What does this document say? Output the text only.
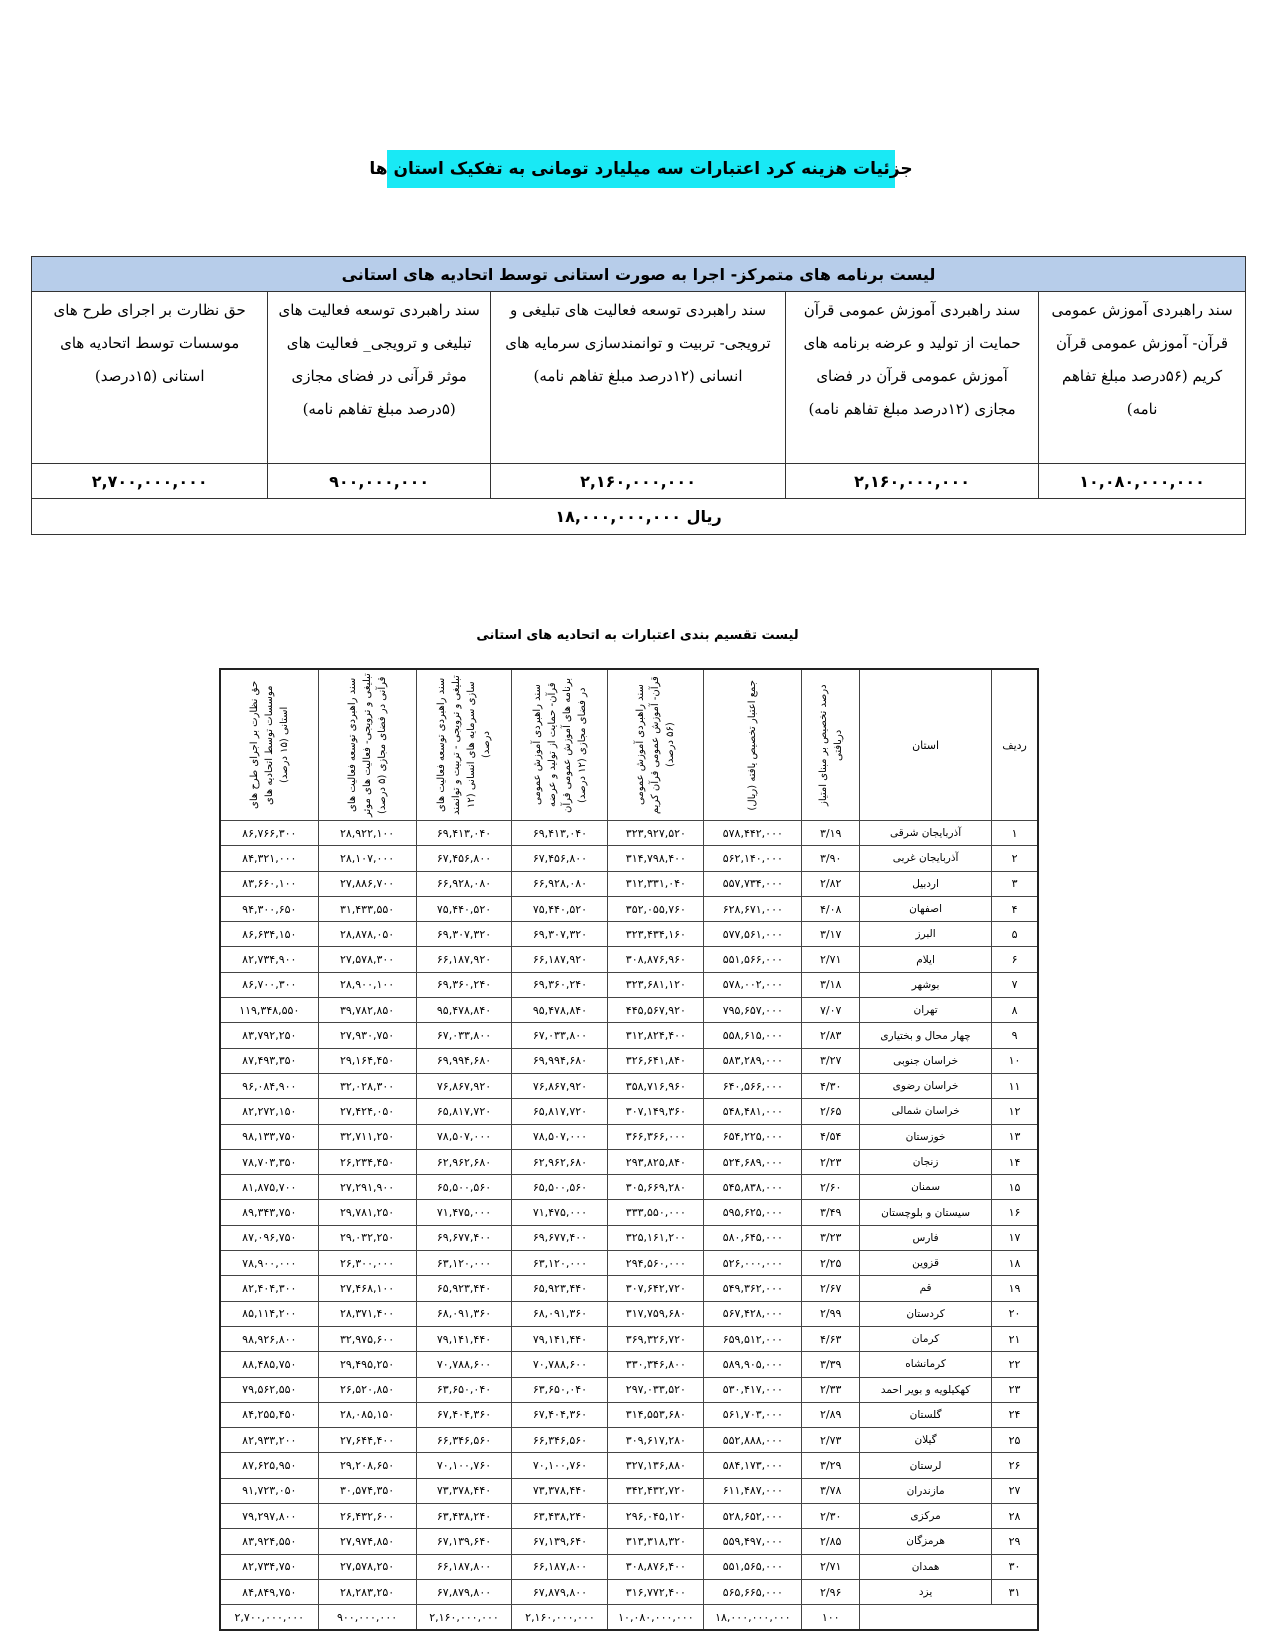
جزئیات هزینه کرد اعتبارات سه میلیارد تومانی به تفکیک استان ها
لیست برنامه های متمرکز- اجرا به صورت استانی توسط اتحادیه های استانی				
سند راهبردی آموزش عمومی قرآن- آموزش عمومی قرآن کریم (۵۶درصد مبلغ تفاهم نامه)	سند راهبردی آموزش عمومی قرآن حمایت از تولید و عرضه برنامه های آموزش عمومی قرآن در فضای مجازی (۱۲درصد مبلغ تفاهم نامه)	سند راهبردی توسعه فعالیت های تبلیغی و ترویجی- تربیت و توانمندسازی سرمایه های انسانی (۱۲درصد مبلغ تفاهم نامه)	سند راهبردی توسعه فعالیت های تبلیغی و ترویجی_ فعالیت های موثر قرآنی در فضای مجازی (۵درصد مبلغ تفاهم نامه)	حق نظارت بر اجرای طرح های موسسات توسط اتحادیه های استانی (۱۵درصد)
۱۰,۰۸۰,۰۰۰,۰۰۰	۲,۱۶۰,۰۰۰,۰۰۰	۲,۱۶۰,۰۰۰,۰۰۰	۹۰۰,۰۰۰,۰۰۰	۲,۷۰۰,۰۰۰,۰۰۰
ریال ۱۸,۰۰۰,۰۰۰,۰۰۰				
لیست تقسیم بندی اعتبارات به اتحادیه های استانی
ردیف	استان	درصد تخصیص بر مبنای امتیاز دریافتی	جمع اعتبار تخصیص یافته (ریال)	سند راهبردی آموزش عمومی قرآن- آموزش عمومی قرآن کریم (۵۶ درصد)	سند راهبردی آموزش عمومی قرآن- حمایت از تولید و عرضه برنامه های آموزش عمومی قرآن در فضای مجازی (۱۲ درصد)	سند راهبردی توسعه فعالیت های تبلیغی و ترویجی - تربیت و توانمند سازی سرمایه های انسانی (۱۲ درصد)	سند راهبردی توسعه فعالیت های تبلیغی و ترویجی- فعالیت های موثر قرآنی در فضای مجازی (۵ درصد)	حق نظارت بر اجرای طرح های موسسات توسط اتحادیه های استانی (۱۵ درصد)

۱	آذربایجان شرقی	۳/۱۹	۵۷۸,۴۴۲,۰۰۰	۳۲۳,۹۲۷,۵۲۰	۶۹,۴۱۳,۰۴۰	۶۹,۴۱۳,۰۴۰	۲۸,۹۲۲,۱۰۰	۸۶,۷۶۶,۳۰۰
۲	آذربایجان غربی	۳/۹۰	۵۶۲,۱۴۰,۰۰۰	۳۱۴,۷۹۸,۴۰۰	۶۷,۴۵۶,۸۰۰	۶۷,۴۵۶,۸۰۰	۲۸,۱۰۷,۰۰۰	۸۴,۳۲۱,۰۰۰
۳	اردبیل	۲/۸۲	۵۵۷,۷۳۴,۰۰۰	۳۱۲,۳۳۱,۰۴۰	۶۶,۹۲۸,۰۸۰	۶۶,۹۲۸,۰۸۰	۲۷,۸۸۶,۷۰۰	۸۳,۶۶۰,۱۰۰
۴	اصفهان	۴/۰۸	۶۲۸,۶۷۱,۰۰۰	۳۵۲,۰۵۵,۷۶۰	۷۵,۴۴۰,۵۲۰	۷۵,۴۴۰,۵۲۰	۳۱,۴۳۳,۵۵۰	۹۴,۳۰۰,۶۵۰
۵	البرز	۳/۱۷	۵۷۷,۵۶۱,۰۰۰	۳۲۳,۴۳۴,۱۶۰	۶۹,۳۰۷,۳۲۰	۶۹,۳۰۷,۳۲۰	۲۸,۸۷۸,۰۵۰	۸۶,۶۳۴,۱۵۰
۶	ایلام	۲/۷۱	۵۵۱,۵۶۶,۰۰۰	۳۰۸,۸۷۶,۹۶۰	۶۶,۱۸۷,۹۲۰	۶۶,۱۸۷,۹۲۰	۲۷,۵۷۸,۳۰۰	۸۲,۷۳۴,۹۰۰
۷	بوشهر	۳/۱۸	۵۷۸,۰۰۲,۰۰۰	۳۲۳,۶۸۱,۱۲۰	۶۹,۳۶۰,۲۴۰	۶۹,۳۶۰,۲۴۰	۲۸,۹۰۰,۱۰۰	۸۶,۷۰۰,۳۰۰
۸	تهران	۷/۰۷	۷۹۵,۶۵۷,۰۰۰	۴۴۵,۵۶۷,۹۲۰	۹۵,۴۷۸,۸۴۰	۹۵,۴۷۸,۸۴۰	۳۹,۷۸۲,۸۵۰	۱۱۹,۳۴۸,۵۵۰
۹	چهار محال و بختیاری	۲/۸۳	۵۵۸,۶۱۵,۰۰۰	۳۱۲,۸۲۴,۴۰۰	۶۷,۰۳۳,۸۰۰	۶۷,۰۳۳,۸۰۰	۲۷,۹۳۰,۷۵۰	۸۳,۷۹۲,۲۵۰
۱۰	خراسان جنوبی	۳/۲۷	۵۸۳,۲۸۹,۰۰۰	۳۲۶,۶۴۱,۸۴۰	۶۹,۹۹۴,۶۸۰	۶۹,۹۹۴,۶۸۰	۲۹,۱۶۴,۴۵۰	۸۷,۴۹۳,۳۵۰
۱۱	خراسان رضوی	۴/۳۰	۶۴۰,۵۶۶,۰۰۰	۳۵۸,۷۱۶,۹۶۰	۷۶,۸۶۷,۹۲۰	۷۶,۸۶۷,۹۲۰	۳۲,۰۲۸,۳۰۰	۹۶,۰۸۴,۹۰۰
۱۲	خراسان شمالی	۲/۶۵	۵۴۸,۴۸۱,۰۰۰	۳۰۷,۱۴۹,۳۶۰	۶۵,۸۱۷,۷۲۰	۶۵,۸۱۷,۷۲۰	۲۷,۴۲۴,۰۵۰	۸۲,۲۷۲,۱۵۰
۱۳	خوزستان	۴/۵۴	۶۵۴,۲۲۵,۰۰۰	۳۶۶,۳۶۶,۰۰۰	۷۸,۵۰۷,۰۰۰	۷۸,۵۰۷,۰۰۰	۳۲,۷۱۱,۲۵۰	۹۸,۱۳۳,۷۵۰
۱۴	زنجان	۲/۲۳	۵۲۴,۶۸۹,۰۰۰	۲۹۳,۸۲۵,۸۴۰	۶۲,۹۶۲,۶۸۰	۶۲,۹۶۲,۶۸۰	۲۶,۲۳۴,۴۵۰	۷۸,۷۰۳,۳۵۰
۱۵	سمنان	۲/۶۰	۵۴۵,۸۳۸,۰۰۰	۳۰۵,۶۶۹,۲۸۰	۶۵,۵۰۰,۵۶۰	۶۵,۵۰۰,۵۶۰	۲۷,۲۹۱,۹۰۰	۸۱,۸۷۵,۷۰۰
۱۶	سیستان و بلوچستان	۳/۴۹	۵۹۵,۶۲۵,۰۰۰	۳۳۳,۵۵۰,۰۰۰	۷۱,۴۷۵,۰۰۰	۷۱,۴۷۵,۰۰۰	۲۹,۷۸۱,۲۵۰	۸۹,۳۴۳,۷۵۰
۱۷	فارس	۳/۲۳	۵۸۰,۶۴۵,۰۰۰	۳۲۵,۱۶۱,۲۰۰	۶۹,۶۷۷,۴۰۰	۶۹,۶۷۷,۴۰۰	۲۹,۰۳۲,۲۵۰	۸۷,۰۹۶,۷۵۰
۱۸	قزوین	۲/۲۵	۵۲۶,۰۰۰,۰۰۰	۲۹۴,۵۶۰,۰۰۰	۶۳,۱۲۰,۰۰۰	۶۳,۱۲۰,۰۰۰	۲۶,۳۰۰,۰۰۰	۷۸,۹۰۰,۰۰۰
۱۹	قم	۲/۶۷	۵۴۹,۳۶۲,۰۰۰	۳۰۷,۶۴۲,۷۲۰	۶۵,۹۲۳,۴۴۰	۶۵,۹۲۳,۴۴۰	۲۷,۴۶۸,۱۰۰	۸۲,۴۰۴,۳۰۰
۲۰	کردستان	۲/۹۹	۵۶۷,۴۲۸,۰۰۰	۳۱۷,۷۵۹,۶۸۰	۶۸,۰۹۱,۳۶۰	۶۸,۰۹۱,۳۶۰	۲۸,۳۷۱,۴۰۰	۸۵,۱۱۴,۲۰۰
۲۱	کرمان	۴/۶۳	۶۵۹,۵۱۲,۰۰۰	۳۶۹,۳۲۶,۷۲۰	۷۹,۱۴۱,۴۴۰	۷۹,۱۴۱,۴۴۰	۳۲,۹۷۵,۶۰۰	۹۸,۹۲۶,۸۰۰
۲۲	کرمانشاه	۳/۳۹	۵۸۹,۹۰۵,۰۰۰	۳۳۰,۳۴۶,۸۰۰	۷۰,۷۸۸,۶۰۰	۷۰,۷۸۸,۶۰۰	۲۹,۴۹۵,۲۵۰	۸۸,۴۸۵,۷۵۰
۲۳	کهکیلویه و بویر احمد	۲/۳۳	۵۳۰,۴۱۷,۰۰۰	۲۹۷,۰۳۳,۵۲۰	۶۳,۶۵۰,۰۴۰	۶۳,۶۵۰,۰۴۰	۲۶,۵۲۰,۸۵۰	۷۹,۵۶۲,۵۵۰
۲۴	گلستان	۲/۸۹	۵۶۱,۷۰۳,۰۰۰	۳۱۴,۵۵۳,۶۸۰	۶۷,۴۰۴,۳۶۰	۶۷,۴۰۴,۳۶۰	۲۸,۰۸۵,۱۵۰	۸۴,۲۵۵,۴۵۰
۲۵	گیلان	۲/۷۳	۵۵۲,۸۸۸,۰۰۰	۳۰۹,۶۱۷,۲۸۰	۶۶,۳۴۶,۵۶۰	۶۶,۳۴۶,۵۶۰	۲۷,۶۴۴,۴۰۰	۸۲,۹۳۳,۲۰۰
۲۶	لرستان	۳/۲۹	۵۸۴,۱۷۳,۰۰۰	۳۲۷,۱۳۶,۸۸۰	۷۰,۱۰۰,۷۶۰	۷۰,۱۰۰,۷۶۰	۲۹,۲۰۸,۶۵۰	۸۷,۶۲۵,۹۵۰
۲۷	مازندران	۳/۷۸	۶۱۱,۴۸۷,۰۰۰	۳۴۲,۴۳۲,۷۲۰	۷۳,۳۷۸,۴۴۰	۷۳,۳۷۸,۴۴۰	۳۰,۵۷۴,۳۵۰	۹۱,۷۲۳,۰۵۰
۲۸	مرکزی	۲/۳۰	۵۲۸,۶۵۲,۰۰۰	۲۹۶,۰۴۵,۱۲۰	۶۳,۴۳۸,۲۴۰	۶۳,۴۳۸,۲۴۰	۲۶,۴۳۲,۶۰۰	۷۹,۲۹۷,۸۰۰
۲۹	هرمزگان	۲/۸۵	۵۵۹,۴۹۷,۰۰۰	۳۱۳,۳۱۸,۳۲۰	۶۷,۱۳۹,۶۴۰	۶۷,۱۳۹,۶۴۰	۲۷,۹۷۴,۸۵۰	۸۳,۹۲۴,۵۵۰
۳۰	همدان	۲/۷۱	۵۵۱,۵۶۵,۰۰۰	۳۰۸,۸۷۶,۴۰۰	۶۶,۱۸۷,۸۰۰	۶۶,۱۸۷,۸۰۰	۲۷,۵۷۸,۲۵۰	۸۲,۷۳۴,۷۵۰
۳۱	یزد	۲/۹۶	۵۶۵,۶۶۵,۰۰۰	۳۱۶,۷۷۲,۴۰۰	۶۷,۸۷۹,۸۰۰	۶۷,۸۷۹,۸۰۰	۲۸,۲۸۳,۲۵۰	۸۴,۸۴۹,۷۵۰
		۱۰۰	۱۸,۰۰۰,۰۰۰,۰۰۰	۱۰,۰۸۰,۰۰۰,۰۰۰	۲,۱۶۰,۰۰۰,۰۰۰	۲,۱۶۰,۰۰۰,۰۰۰	۹۰۰,۰۰۰,۰۰۰	۲,۷۰۰,۰۰۰,۰۰۰
